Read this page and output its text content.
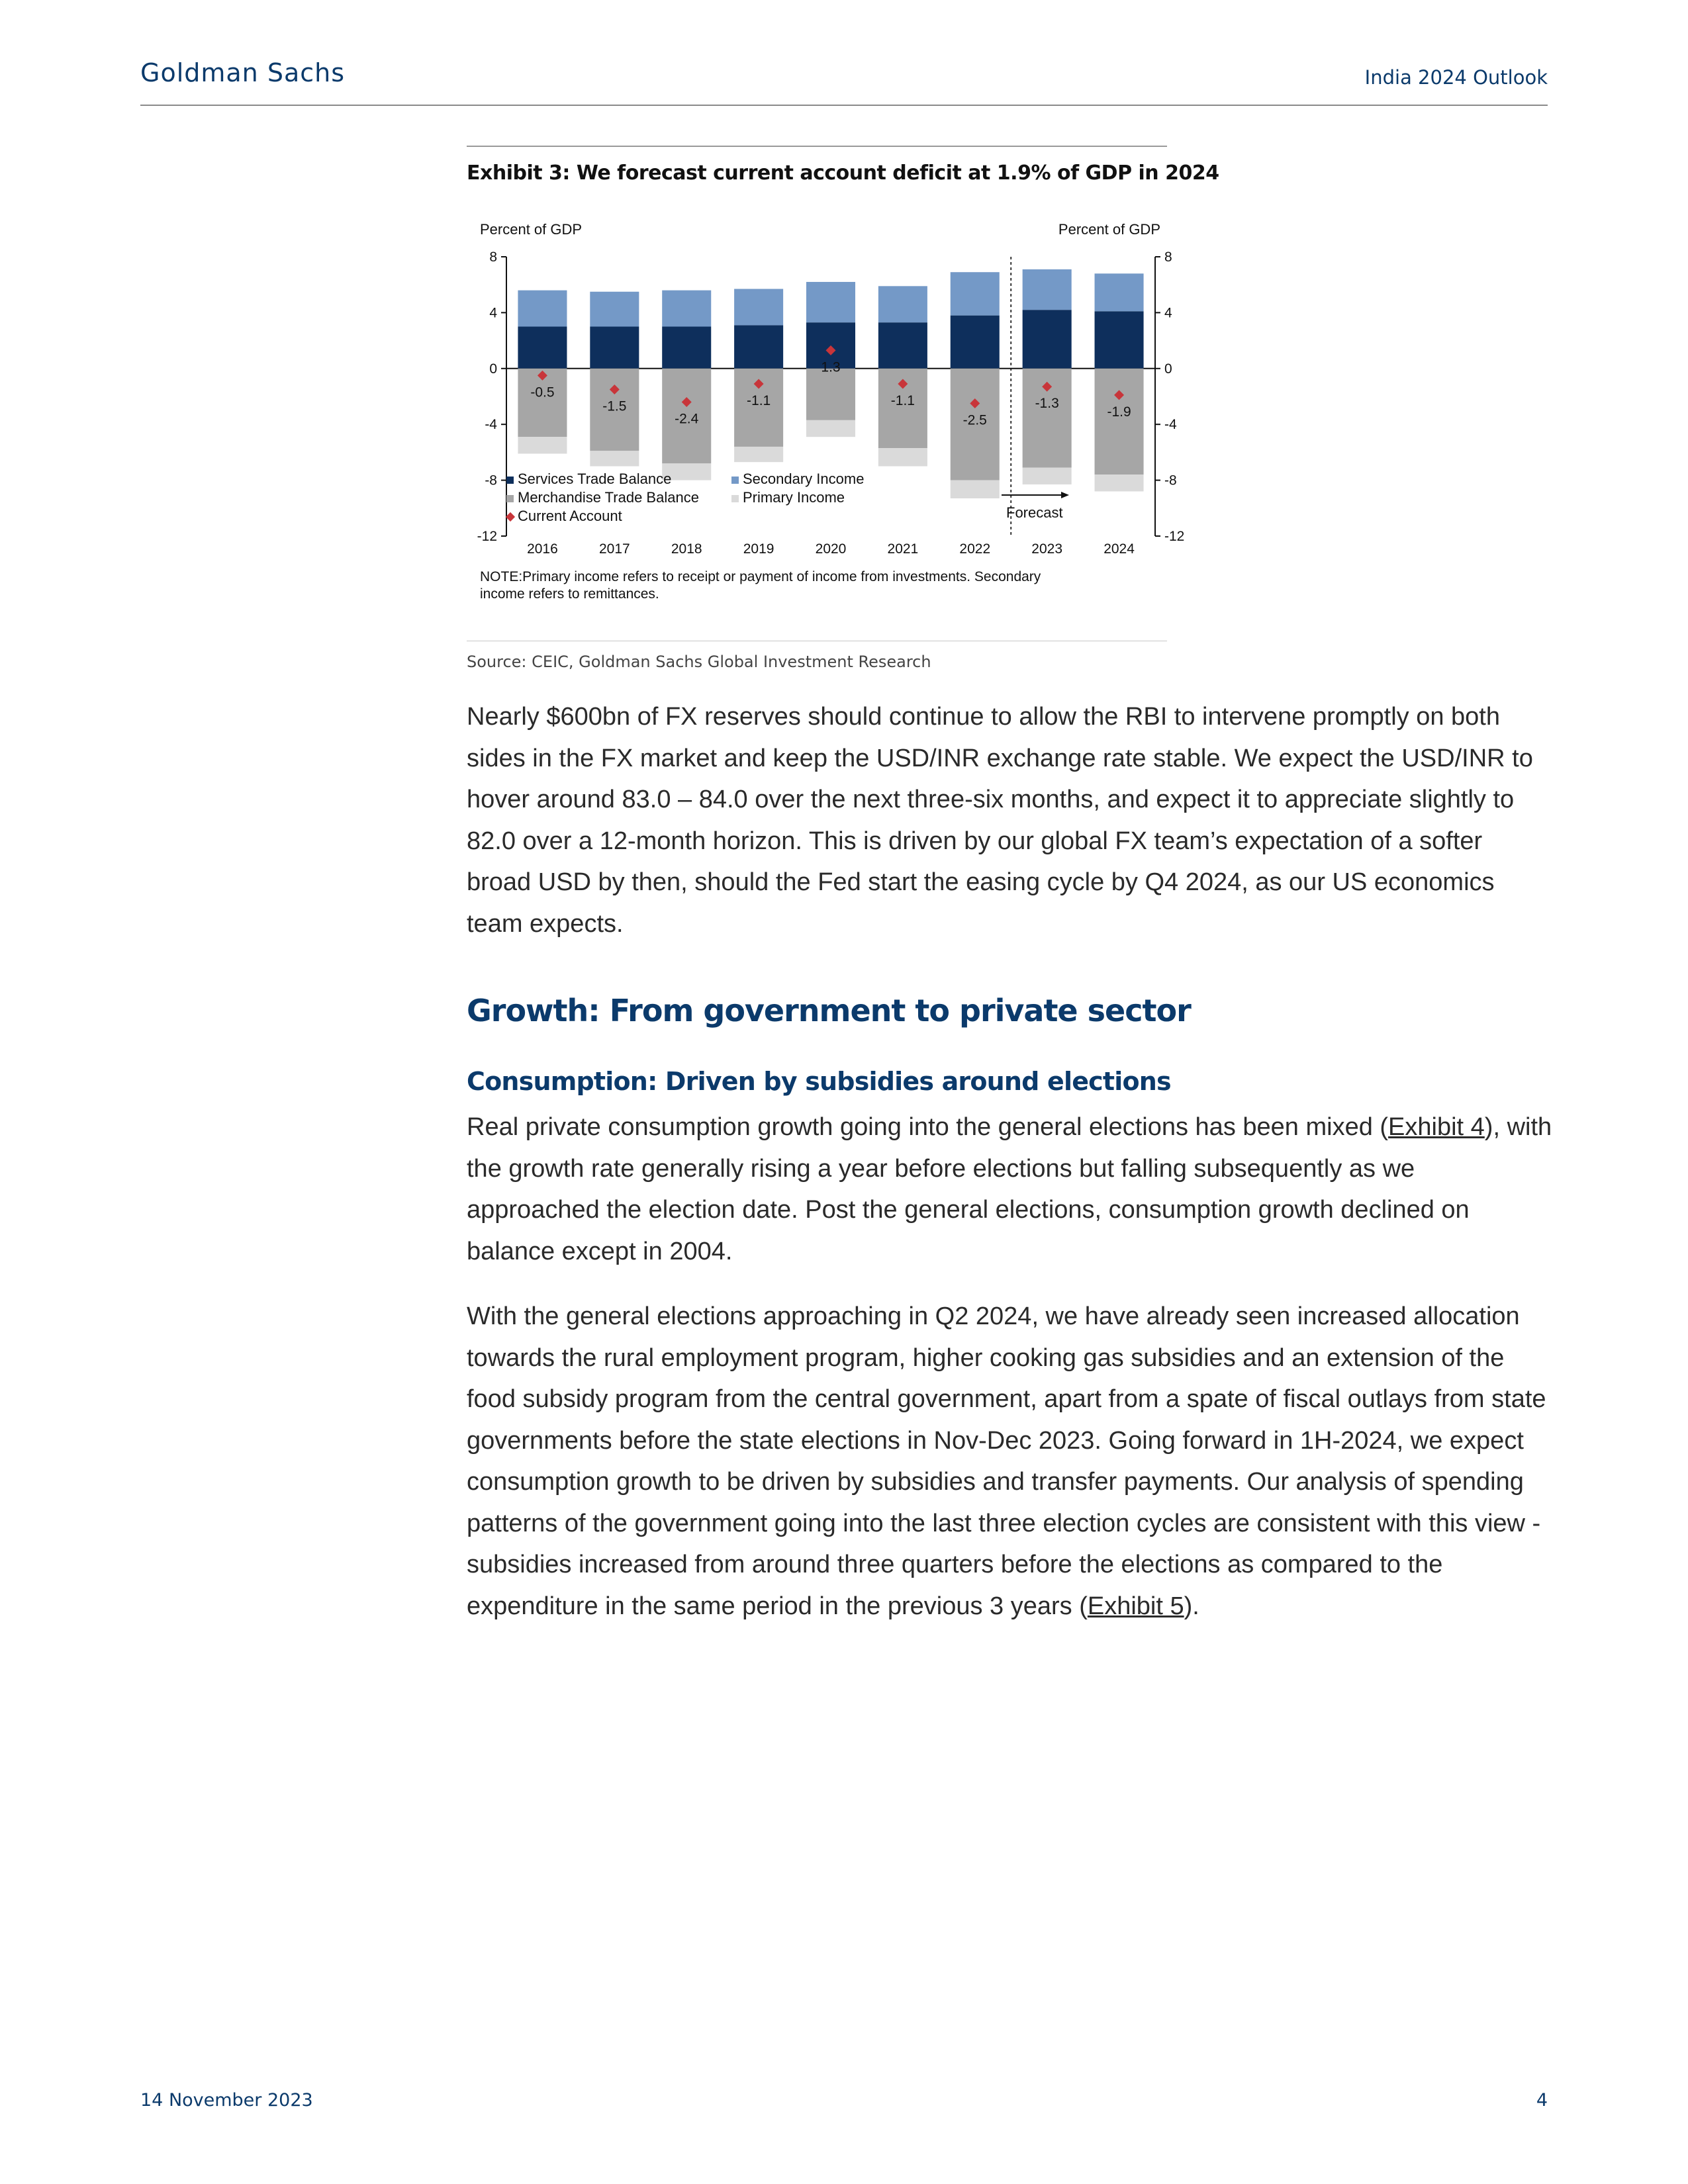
Goldman Sachs	India 2024 Outlook
Exhibit 3: We forecast current account deficit at 1.9% of GDP in 2024
8	8
4	4
0	0
-4	-4
-8	-8
-12	-12
2016	2017	2018	2019	2020	2021	2022	2023	2024
-0.5
-1.5
-2.4
-1.1
1.3
-1.1
-2.5
-1.3
-1.9
Percent of GDP	Percent of GDP
Services Trade Balance	Secondary Income
Merchandise Trade Balance	Primary Income
Current Account	Forecast
NOTE:Primary income refers to receipt or payment of income from investments. Secondary income refers to remittances.
Source: CEIC, Goldman Sachs Global Investment Research

Nearly $600bn of FX reserves should continue to allow the RBI to intervene promptly on both sides in the FX market and keep the USD/INR exchange rate stable. We expect the USD/INR to hover around 83.0 – 84.0 over the next three-six months, and expect it to appreciate slightly to 82.0 over a 12-month horizon. This is driven by our global FX team’s expectation of a softer broad USD by then, should the Fed start the easing cycle by Q4 2024, as our US economics team expects.

Growth: From government to private sector
Consumption: Driven by subsidies around elections

Real private consumption growth going into the general elections has been mixed (Exhibit 4), with the growth rate generally rising a year before elections but falling subsequently as we approached the election date. Post the general elections, consumption growth declined on balance except in 2004.

With the general elections approaching in Q2 2024, we have already seen increased allocation towards the rural employment program, higher cooking gas subsidies and an extension of the food subsidy program from the central government, apart from a spate of fiscal outlays from state governments before the state elections in Nov-Dec 2023. Going forward in 1H-2024, we expect consumption growth to be driven by subsidies and transfer payments. Our analysis of spending patterns of the government going into the last three election cycles are consistent with this view - subsidies increased from around three quarters before the elections as compared to the expenditure in the same period in the previous 3 years (Exhibit 5).

14 November 2023	4
